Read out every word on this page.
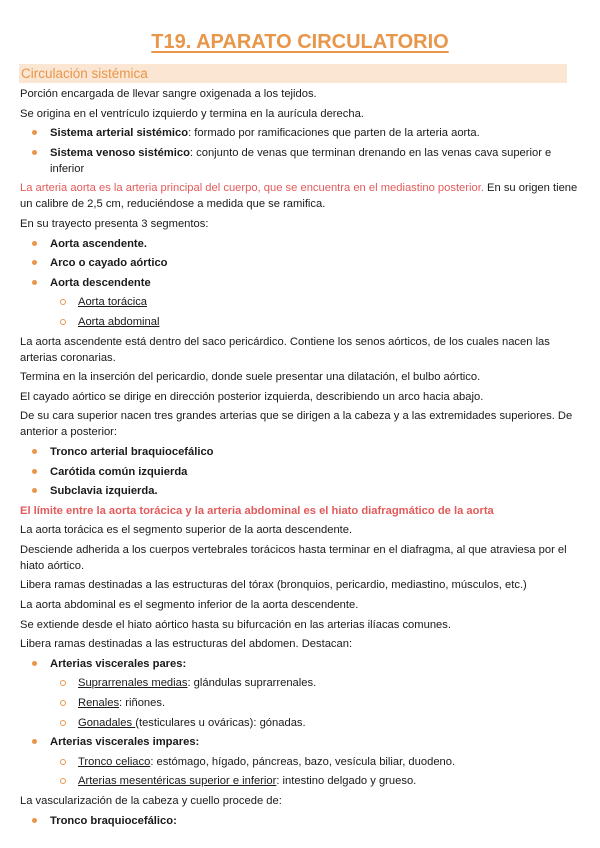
T19. APARATO CIRCULATORIO
Circulación sistémica
Porción encargada de llevar sangre oxigenada a los tejidos.
Se origina en el ventrículo izquierdo y termina en la aurícula derecha.
Sistema arterial sistémico: formado por ramificaciones que parten de la arteria aorta.
Sistema venoso sistémico: conjunto de venas que terminan drenando en las venas cava superior e inferior
La arteria aorta es la arteria principal del cuerpo, que se encuentra en el mediastino posterior. En su origen tiene un calibre de 2,5 cm, reduciéndose a medida que se ramifica.
En su trayecto presenta 3 segmentos:
Aorta ascendente.
Arco o cayado aórtico
Aorta descendente
Aorta torácica
Aorta abdominal
La aorta ascendente está dentro del saco pericárdico. Contiene los senos aórticos, de los cuales nacen las arterias coronarias.
Termina en la inserción del pericardio, donde suele presentar una dilatación, el bulbo aórtico.
El cayado aórtico se dirige en dirección posterior izquierda, describiendo un arco hacia abajo.
De su cara superior nacen tres grandes arterias que se dirigen a la cabeza y a las extremidades superiores. De anterior a posterior:
Tronco arterial braquiocefálico
Carótida común izquierda
Subclavia izquierda.
El límite entre la aorta torácica y la arteria abdominal es el hiato diafragmático de la aorta
La aorta torácica es el segmento superior de la aorta descendente.
Desciende adherida a los cuerpos vertebrales torácicos hasta terminar en el diafragma, al que atraviesa por el hiato aórtico.
Libera ramas destinadas a las estructuras del tórax (bronquios, pericardio, mediastino, músculos, etc.)
La aorta abdominal es el segmento inferior de la aorta descendente.
Se extiende desde el hiato aórtico hasta su bifurcación en las arterias ilíacas comunes.
Libera ramas destinadas a las estructuras del abdomen. Destacan:
Arterias viscerales pares:
Suprarrenales medias: glándulas suprarrenales.
Renales: riñones.
Gonadales (testiculares u ováricas): gónadas.
Arterias viscerales impares:
Tronco celiaco: estómago, hígado, páncreas, bazo, vesícula biliar, duodeno.
Arterias mesentéricas superior e inferior: intestino delgado y grueso.
La vascularización de la cabeza y cuello procede de:
Tronco braquiocefálico:
